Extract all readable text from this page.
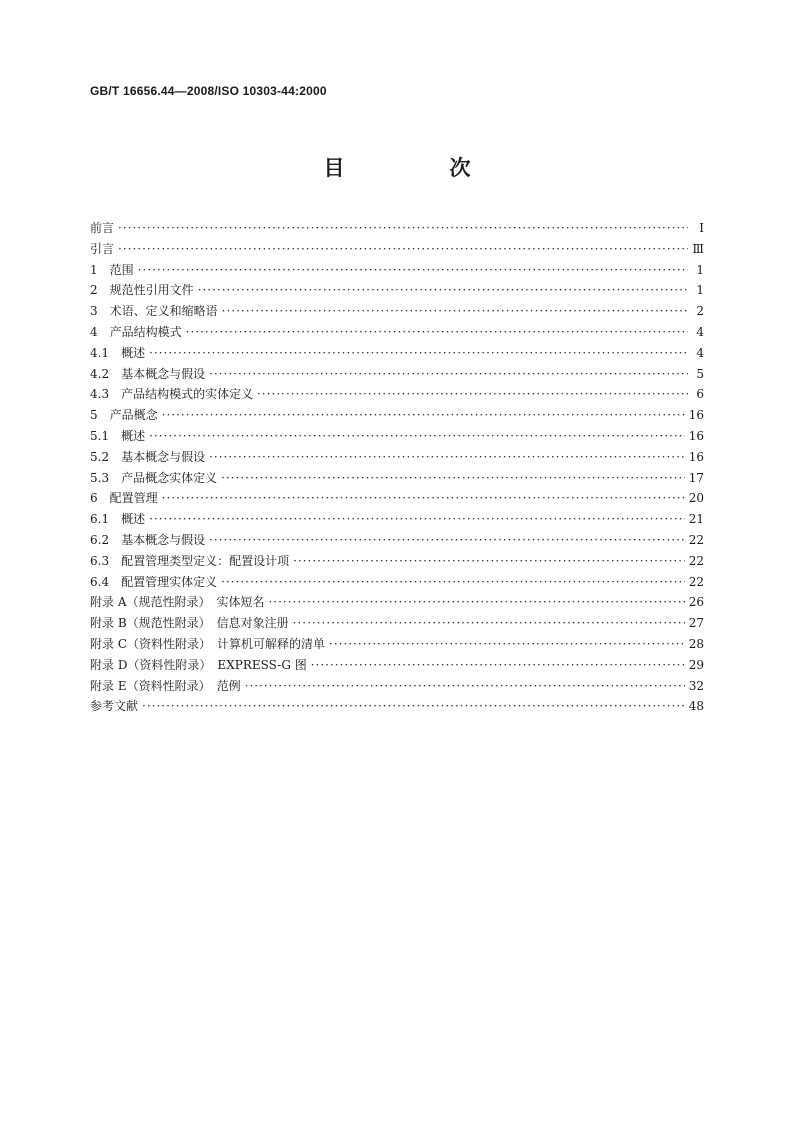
GB/T 16656.44—2008/ISO 10303-44:2000
目　次
前言 ·····	Ⅰ
引言 ·····	Ⅲ
1　范围 ·····	1
2　规范性引用文件 ·····	1
3　术语、定义和缩略语 ·····	2
4　产品结构模式 ·····	4
4.1　概述 ·····	4
4.2　基本概念与假设 ·····	5
4.3　产品结构模式的实体定义 ·····	6
5　产品概念 ·····	16
5.1　概述 ·····	16
5.2　基本概念与假设 ·····	16
5.3　产品概念实体定义 ·····	17
6　配置管理 ·····	20
6.1　概述 ·····	21
6.2　基本概念与假设 ·····	22
6.3　配置管理类型定义：配置设计项 ·····	22
6.4　配置管理实体定义 ·····	22
附录 A（规范性附录）　实体短名 ·····	26
附录 B（规范性附录）　信息对象注册 ·····	27
附录 C（资料性附录）　计算机可解释的清单 ·····	28
附录 D（资料性附录）　EXPRESS-G 图 ·····	29
附录 E（资料性附录）　范例 ·····	32
参考文献 ·····	48
